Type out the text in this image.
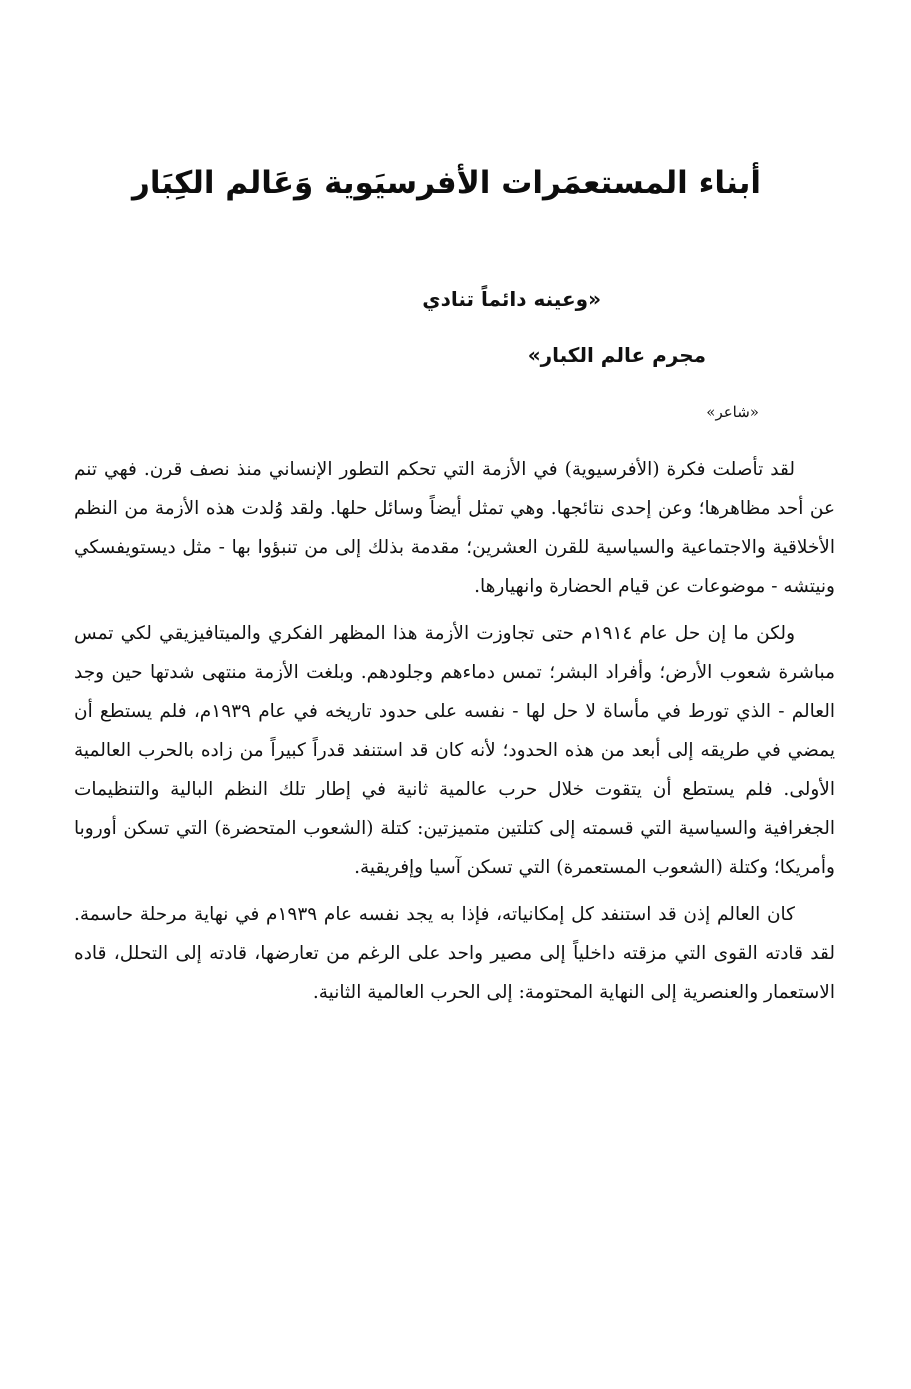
أبناء المستعمَرات الأفرسيَوية وَعَالم الكِبَار

«وعينه دائماً تنادي

مجرم عالم الكبار»

«شاعر»

لقد تأصلت فكرة (الأفرسيوية) في الأزمة التي تحكم التطور الإنساني منذ نصف قرن. فهي تنم عن أحد مظاهرها؛ وعن إحدى نتائجها. وهي تمثل أيضاً وسائل حلها. ولقد وُلدت هذه الأزمة من النظم الأخلاقية والاجتماعية والسياسية للقرن العشرين؛ مقدمة بذلك إلى من تنبؤوا بها - مثل ديستويفسكي ونيتشه - موضوعات عن قيام الحضارة وانهيارها.

ولكن ما إن حل عام ١٩١٤م حتى تجاوزت الأزمة هذا المظهر الفكري والميتافيزيقي لكي تمس مباشرة شعوب الأرض؛ وأفراد البشر؛ تمس دماءهم وجلودهم. وبلغت الأزمة منتهى شدتها حين وجد العالم - الذي تورط في مأساة لا حل لها - نفسه على حدود تاريخه في عام ١٩٣٩م، فلم يستطع أن يمضي في طريقه إلى أبعد من هذه الحدود؛ لأنه كان قد استنفد قدراً كبيراً من زاده بالحرب العالمية الأولى. فلم يستطع أن يتقوت خلال حرب عالمية ثانية في إطار تلك النظم البالية والتنظيمات الجغرافية والسياسية التي قسمته إلى كتلتين متميزتين: كتلة (الشعوب المتحضرة) التي تسكن أوروبا وأمريكا؛ وكتلة (الشعوب المستعمرة) التي تسكن آسيا وإفريقية.

كان العالم إذن قد استنفد كل إمكانياته، فإذا به يجد نفسه عام ١٩٣٩م في نهاية مرحلة حاسمة. لقد قادته القوى التي مزقته داخلياً إلى مصير واحد على الرغم من تعارضها، قادته إلى التحلل، قاده الاستعمار والعنصرية إلى النهاية المحتومة: إلى الحرب العالمية الثانية.
